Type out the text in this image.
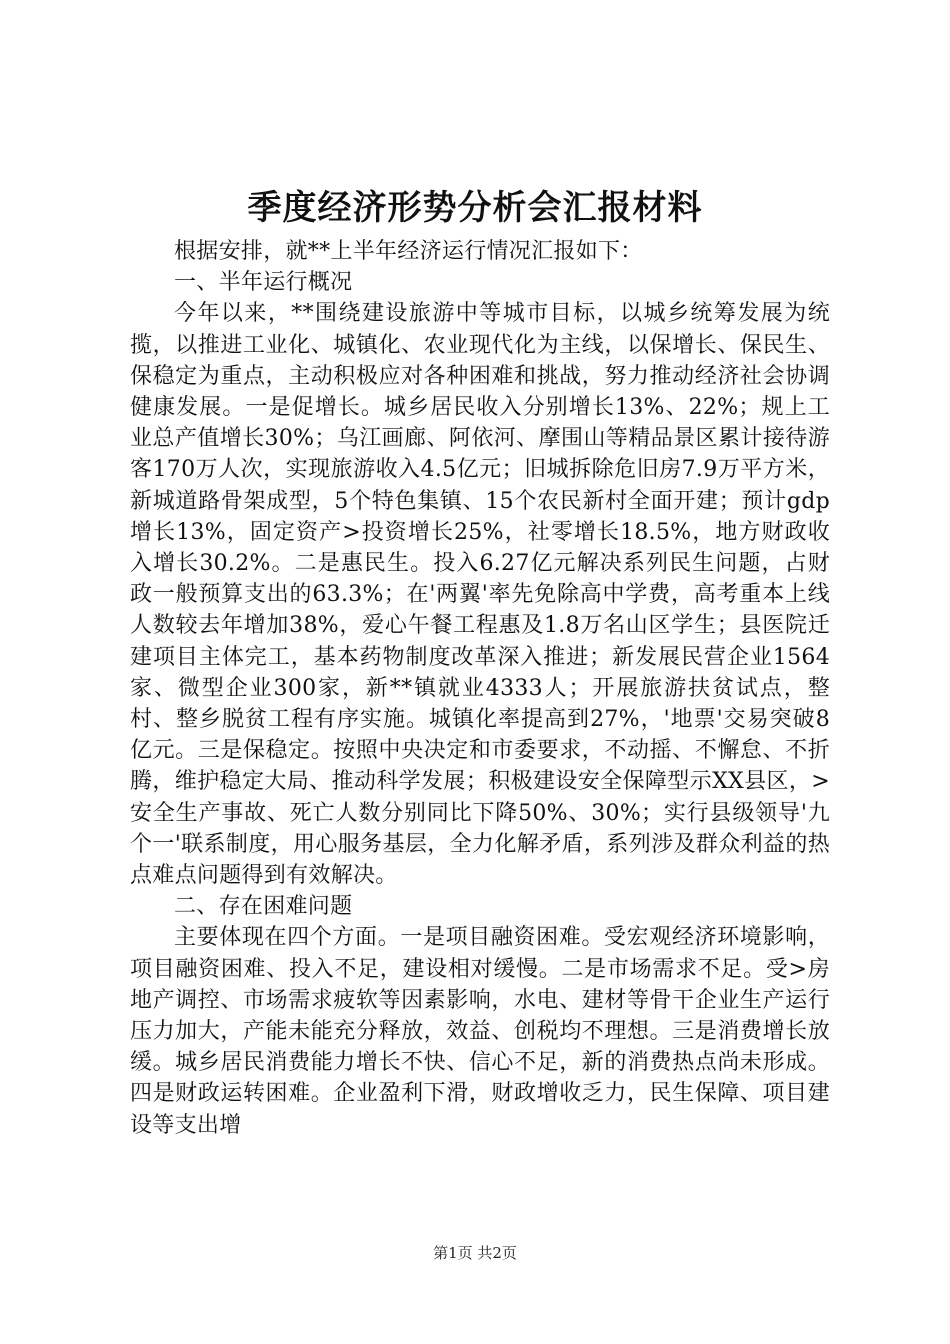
季度经济形势分析会汇报材料

根据安排，就**上半年经济运行情况汇报如下：

一、半年运行概况

今年以来，**围绕建设旅游中等城市目标，以城乡统筹发展为统揽，以推进工业化、城镇化、农业现代化为主线，以保增长、保民生、保稳定为重点，主动积极应对各种困难和挑战，努力推动经济社会协调健康发展。一是促增长。城乡居民收入分别增长13%、22%；规上工业总产值增长30%；乌江画廊、阿依河、摩围山等精品景区累计接待游客170万人次，实现旅游收入4.5亿元；旧城拆除危旧房7.9万平方米，新城道路骨架成型，5个特色集镇、15个农民新村全面开建；预计gdp增长13%，固定资产>投资增长25%，社零增长18.5%，地方财政收入增长30.2%。二是惠民生。投入6.27亿元解决系列民生问题，占财政一般预算支出的63.3%；在'两翼'率先免除高中学费，高考重本上线人数较去年增加38%，爱心午餐工程惠及1.8万名山区学生；县医院迁建项目主体完工，基本药物制度改革深入推进；新发展民营企业1564家、微型企业300家，新**镇就业4333人；开展旅游扶贫试点，整村、整乡脱贫工程有序实施。城镇化率提高到27%，'地票'交易突破8亿元。三是保稳定。按照中央决定和市委要求，不动摇、不懈怠、不折腾，维护稳定大局、推动科学发展；积极建设安全保障型示XX县区，>安全生产事故、死亡人数分别同比下降50%、30%；实行县级领导'九个一'联系制度，用心服务基层，全力化解矛盾，系列涉及群众利益的热点难点问题得到有效解决。

二、存在困难问题

主要体现在四个方面。一是项目融资困难。受宏观经济环境影响，项目融资困难、投入不足，建设相对缓慢。二是市场需求不足。受>房地产调控、市场需求疲软等因素影响，水电、建材等骨干企业生产运行压力加大，产能未能充分释放，效益、创税均不理想。三是消费增长放缓。城乡居民消费能力增长不快、信心不足，新的消费热点尚未形成。四是财政运转困难。企业盈利下滑，财政增收乏力，民生保障、项目建设等支出增

第1页 共2页
